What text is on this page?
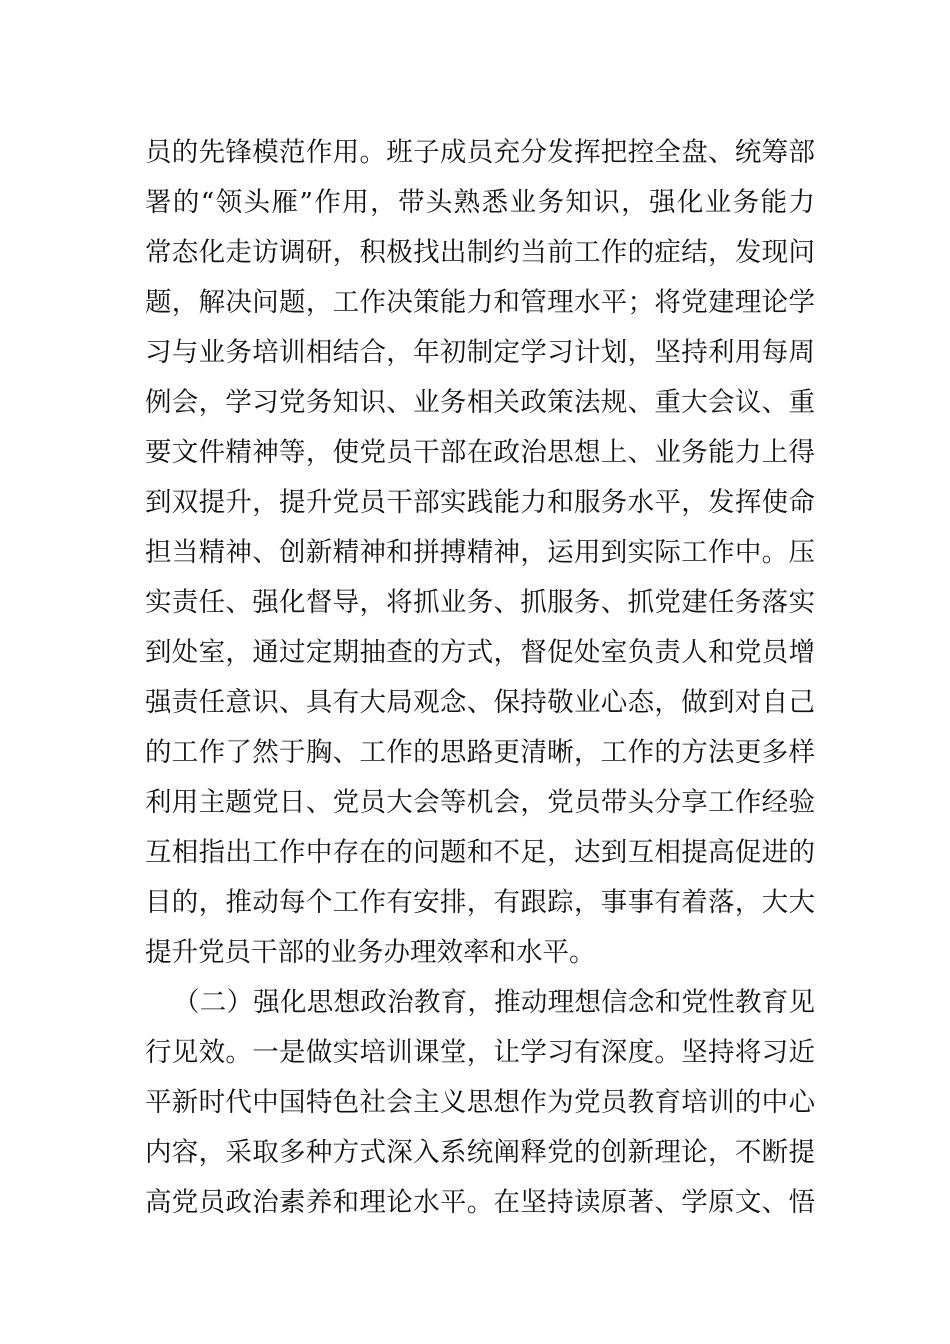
员的先锋模范作用。班子成员充分发挥把控全盘、统筹部
署的“领头雁”作用，带头熟悉业务知识，强化业务能力
常态化走访调研，积极找出制约当前工作的症结，发现问
题，解决问题，工作决策能力和管理水平；将党建理论学
习与业务培训相结合，年初制定学习计划，坚持利用每周
例会，学习党务知识、业务相关政策法规、重大会议、重
要文件精神等，使党员干部在政治思想上、业务能力上得
到双提升，提升党员干部实践能力和服务水平，发挥使命
担当精神、创新精神和拼搏精神，运用到实际工作中。压
实责任、强化督导，将抓业务、抓服务、抓党建任务落实
到处室，通过定期抽查的方式，督促处室负责人和党员增
强责任意识、具有大局观念、保持敬业心态，做到对自己
的工作了然于胸、工作的思路更清晰，工作的方法更多样
利用主题党日、党员大会等机会，党员带头分享工作经验
互相指出工作中存在的问题和不足，达到互相提高促进的
目的，推动每个工作有安排，有跟踪，事事有着落，大大
提升党员干部的业务办理效率和水平。
（二）强化思想政治教育，推动理想信念和党性教育见
行见效。一是做实培训课堂，让学习有深度。坚持将习近
平新时代中国特色社会主义思想作为党员教育培训的中心
内容，采取多种方式深入系统阐释党的创新理论，不断提
高党员政治素养和理论水平。在坚持读原著、学原文、悟
